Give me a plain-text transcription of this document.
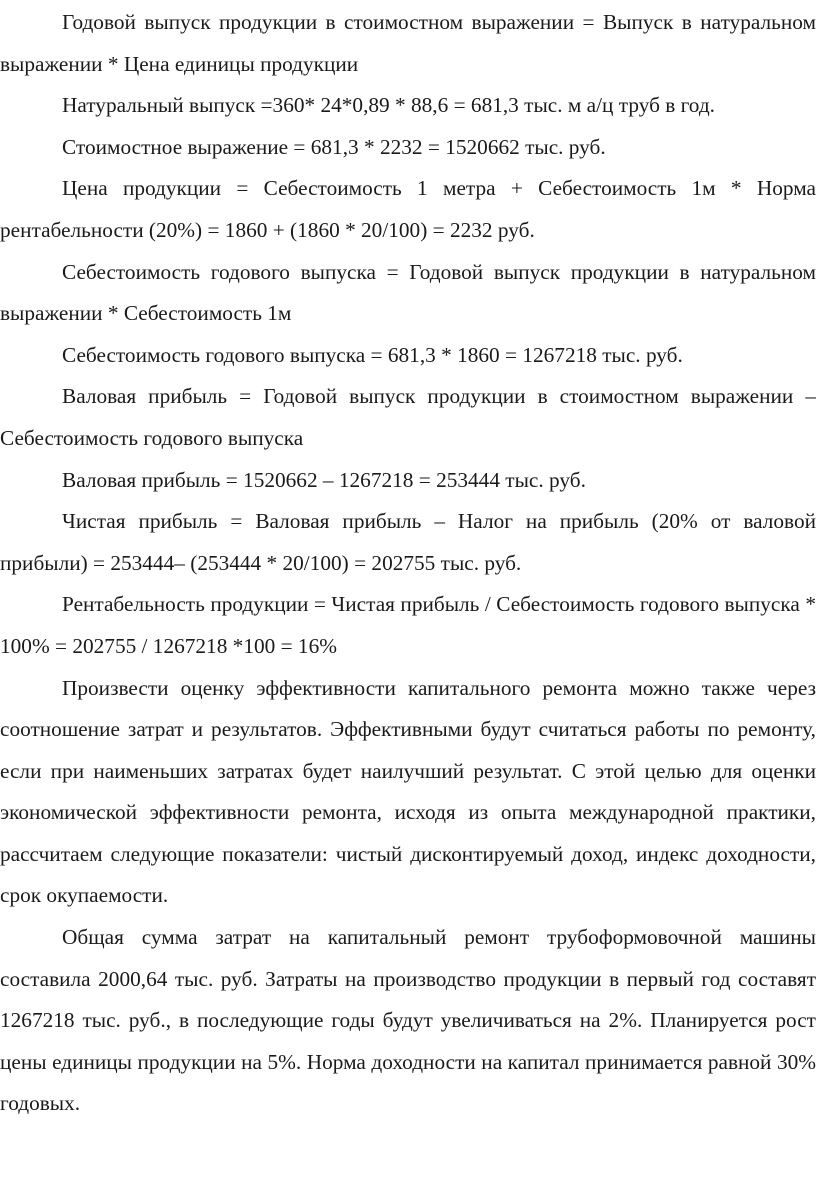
Годовой выпуск продукции в стоимостном выражении = Выпуск в натуральном выражении * Цена единицы продукции

Натуральный выпуск =360* 24*0,89 * 88,6 = 681,3 тыс. м а/ц труб в год.

Стоимостное выражение = 681,3 * 2232 = 1520662 тыс. руб.

Цена продукции = Себестоимость 1 метра + Себестоимость 1м * Норма рентабельности (20%) = 1860 + (1860 * 20/100) = 2232 руб.

Себестоимость годового выпуска = Годовой выпуск продукции в натуральном выражении * Себестоимость 1м

Себестоимость годового выпуска = 681,3 * 1860 = 1267218 тыс. руб.

Валовая прибыль = Годовой выпуск продукции в стоимостном выражении – Себестоимость годового выпуска

Валовая прибыль = 1520662 – 1267218 = 253444 тыс. руб.

Чистая прибыль = Валовая прибыль – Налог на прибыль (20% от валовой прибыли) = 253444– (253444 * 20/100) = 202755 тыс. руб.

Рентабельность продукции = Чистая прибыль / Себестоимость годового выпуска * 100% = 202755 / 1267218 *100 = 16%

Произвести оценку эффективности капитального ремонта можно также через соотношение затрат и результатов. Эффективными будут считаться работы по ремонту, если при наименьших затратах будет наилучший результат. С этой целью для оценки экономической эффективности ремонта, исходя из опыта международной практики, рассчитаем следующие показатели: чистый дисконтируемый доход, индекс доходности, срок окупаемости.

Общая сумма затрат на капитальный ремонт трубоформовочной машины составила 2000,64 тыс. руб. Затраты на производство продукции в первый год составят 1267218 тыс. руб., в последующие годы будут увеличиваться на 2%. Планируется рост цены единицы продукции на 5%. Норма доходности на капитал принимается равной 30% годовых.
